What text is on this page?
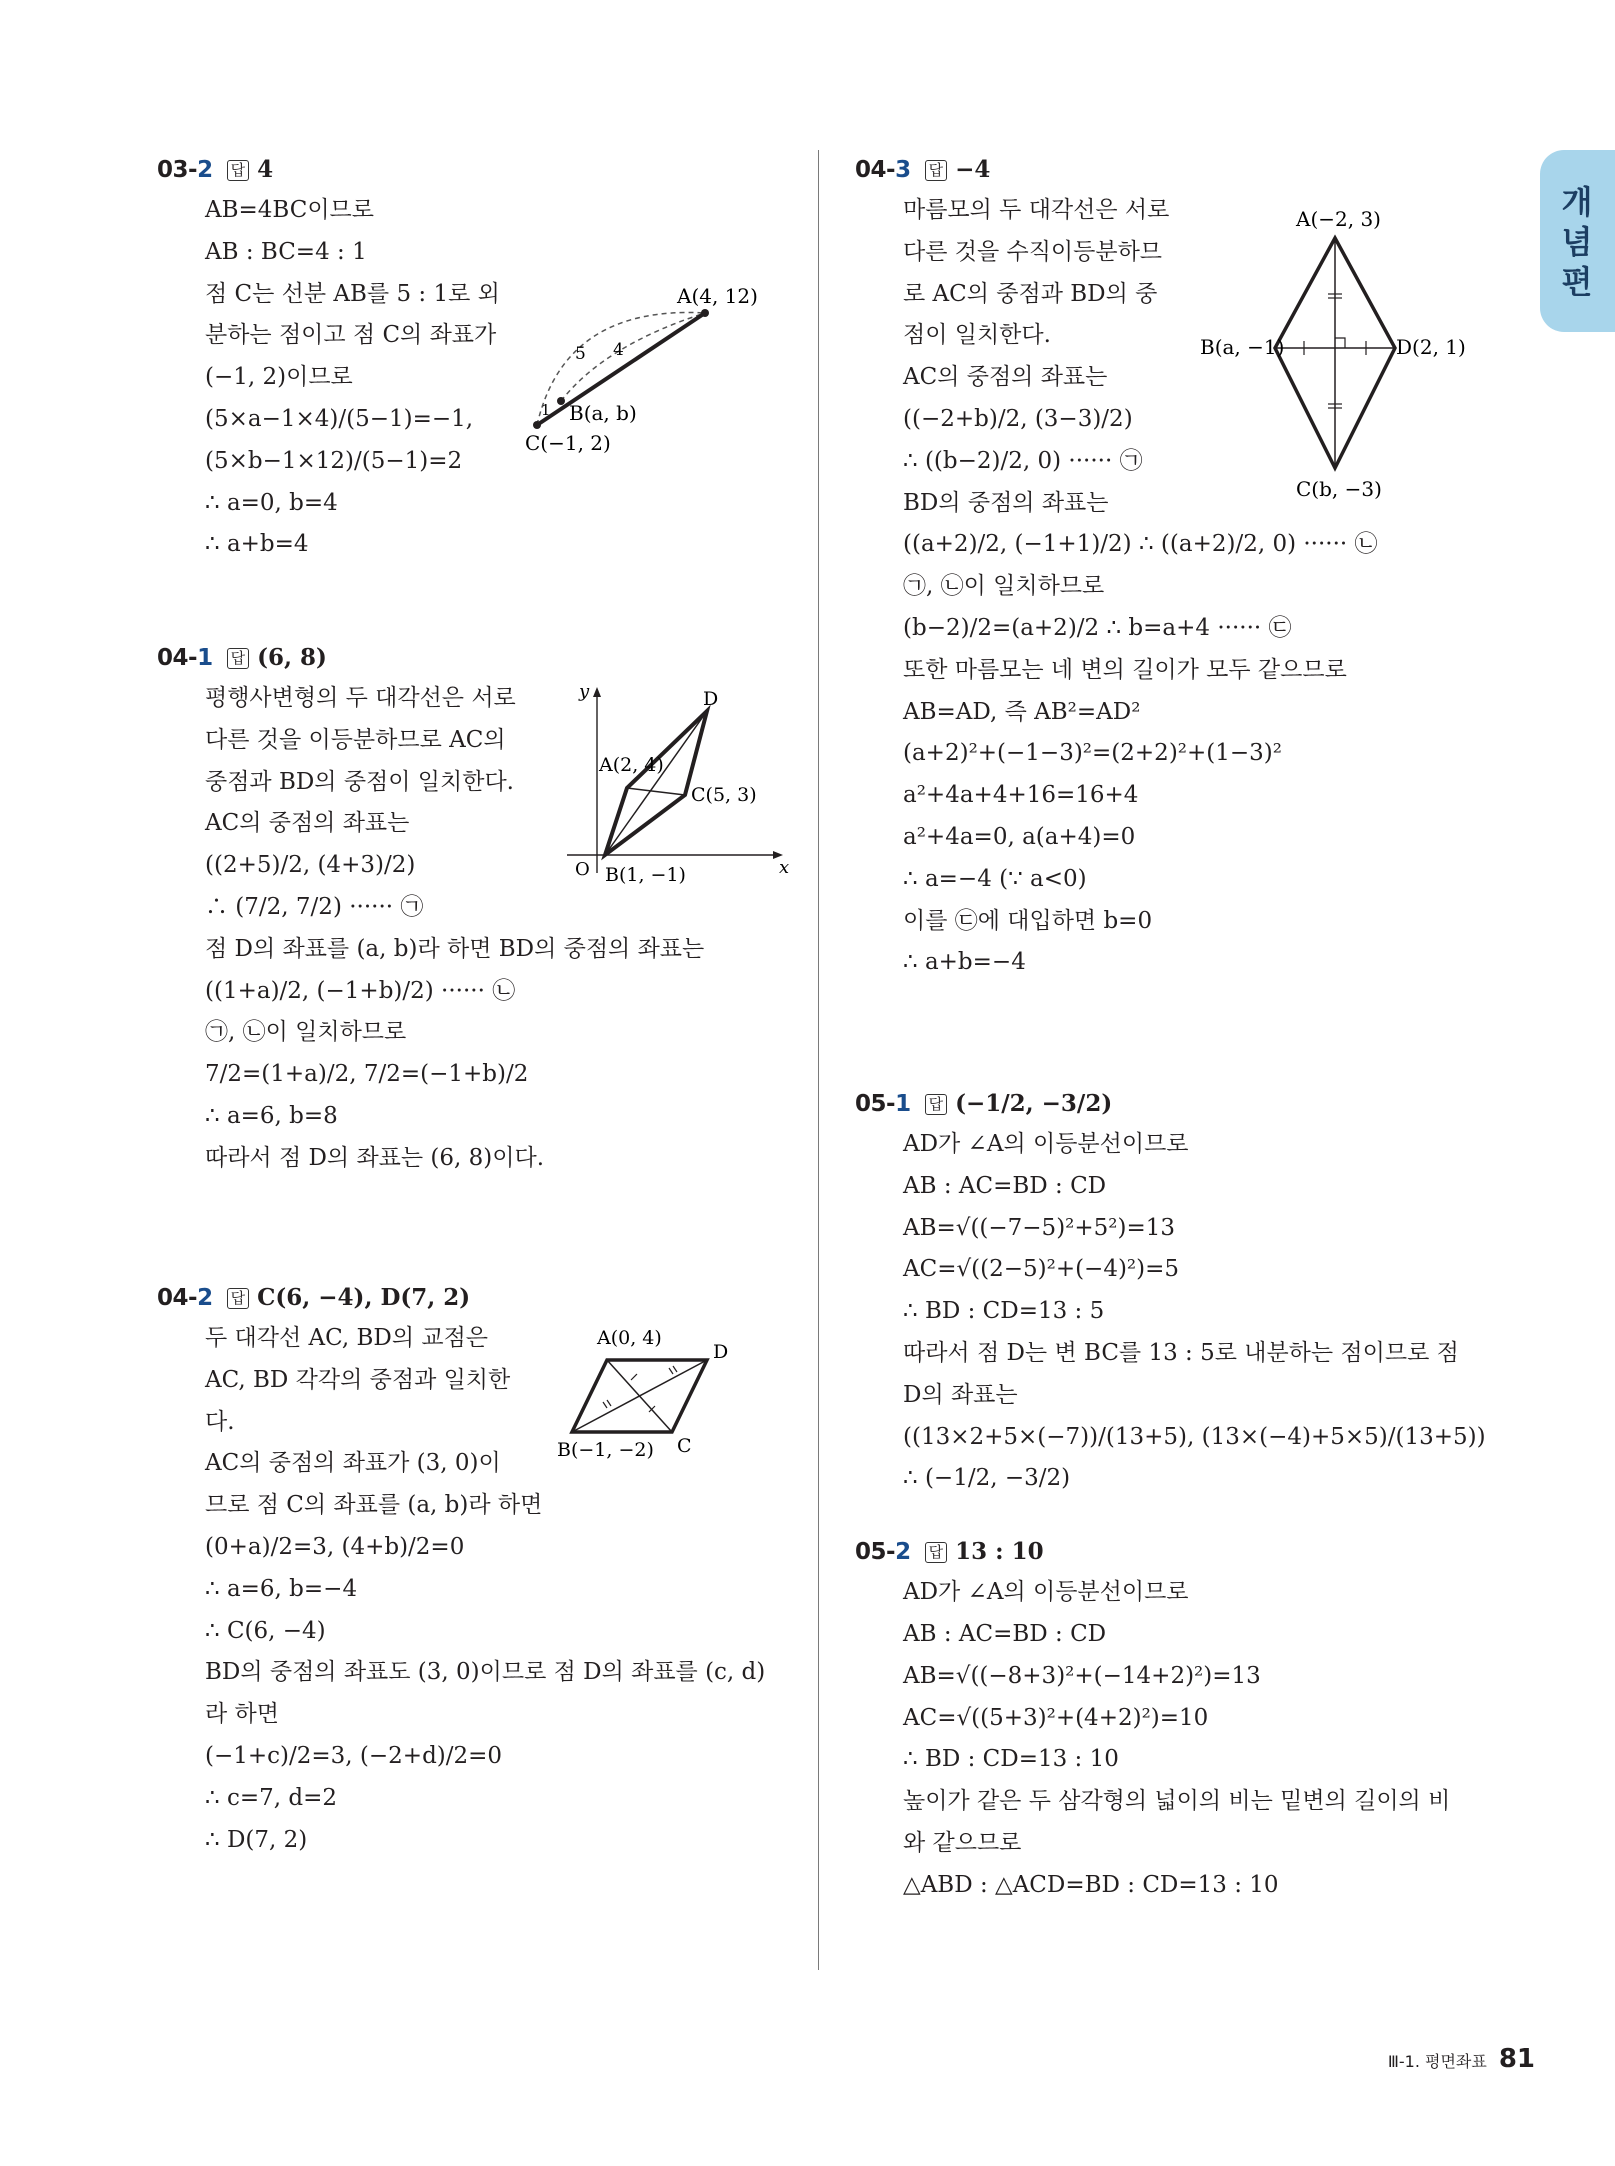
개념편
03-2 답 4
AB=4BC이므로
AB : BC=4 : 1
점 C는 선분 AB를 5 : 1로 외
분하는 점이고 점 C의 좌표가
(−1, 2)이므로
(5×a−1×4)/(5−1)=−1,
(5×b−1×12)/(5−1)=2
∴ a=0, b=4
∴ a+b=4
A(4, 12)
B(a, b)
C(−1, 2)
5 4
1
04-1 답 (6, 8)
평행사변형의 두 대각선은 서로
다른 것을 이등분하므로 AC의
중점과 BD의 중점이 일치한다.
AC의 중점의 좌표는
((2+5)/2, (4+3)/2)
∴ (7/2, 7/2) ······ ㉠
점 D의 좌표를 (a, b)라 하면 BD의 중점의 좌표는
((1+a)/2, (−1+b)/2) ······ ㉡
㉠, ㉡이 일치하므로
7/2=(1+a)/2, 7/2=(−1+b)/2
∴ a=6, b=8
따라서 점 D의 좌표는 (6, 8)이다.
y
x
O
A(2, 4)
D
C(5, 3)
B(1, −1)
04-2 답 C(6, −4), D(7, 2)
두 대각선 AC, BD의 교점은
AC, BD 각각의 중점과 일치한
다.
AC의 중점의 좌표가 (3, 0)이
므로 점 C의 좌표를 (a, b)라 하면
(0+a)/2=3, (4+b)/2=0
∴ a=6, b=−4
∴ C(6, −4)
BD의 중점의 좌표도 (3, 0)이므로 점 D의 좌표를 (c, d)
라 하면
(−1+c)/2=3, (−2+d)/2=0
∴ c=7, d=2
∴ D(7, 2)
A(0, 4)
D
B(−1, −2) C
04-3 답 −4
마름모의 두 대각선은 서로
다른 것을 수직이등분하므
로 AC의 중점과 BD의 중
점이 일치한다.
AC의 중점의 좌표는
((−2+b)/2, (3−3)/2)
∴ ((b−2)/2, 0) ······ ㉠
BD의 중점의 좌표는
((a+2)/2, (−1+1)/2) ∴ ((a+2)/2, 0) ······ ㉡
㉠, ㉡이 일치하므로
(b−2)/2=(a+2)/2 ∴ b=a+4 ······ ㉢
또한 마름모는 네 변의 길이가 모두 같으므로
AB=AD, 즉 AB²=AD²
(a+2)²+(−1−3)²=(2+2)²+(1−3)²
a²+4a+4+16=16+4
a²+4a=0, a(a+4)=0
∴ a=−4 (∵ a<0)
이를 ㉢에 대입하면 b=0
∴ a+b=−4
A(−2, 3)
B(a, −1)	D(2, 1)
C(b, −3)
05-1 답 (−1/2, −3/2)
AD가 ∠A의 이등분선이므로
AB : AC=BD : CD
AB=√((−7−5)²+5²)=13
AC=√((2−5)²+(−4)²)=5
∴ BD : CD=13 : 5
따라서 점 D는 변 BC를 13 : 5로 내분하는 점이므로 점
D의 좌표는
((13×2+5×(−7))/(13+5), (13×(−4)+5×5)/(13+5))
∴ (−1/2, −3/2)
05-2 답 13 : 10
AD가 ∠A의 이등분선이므로
AB : AC=BD : CD
AB=√((−8+3)²+(−14+2)²)=13
AC=√((5+3)²+(4+2)²)=10
∴ BD : CD=13 : 10
높이가 같은 두 삼각형의 넓이의 비는 밑변의 길이의 비
와 같으므로
△ABD : △ACD=BD : CD=13 : 10
Ⅲ-1. 평면좌표 81
